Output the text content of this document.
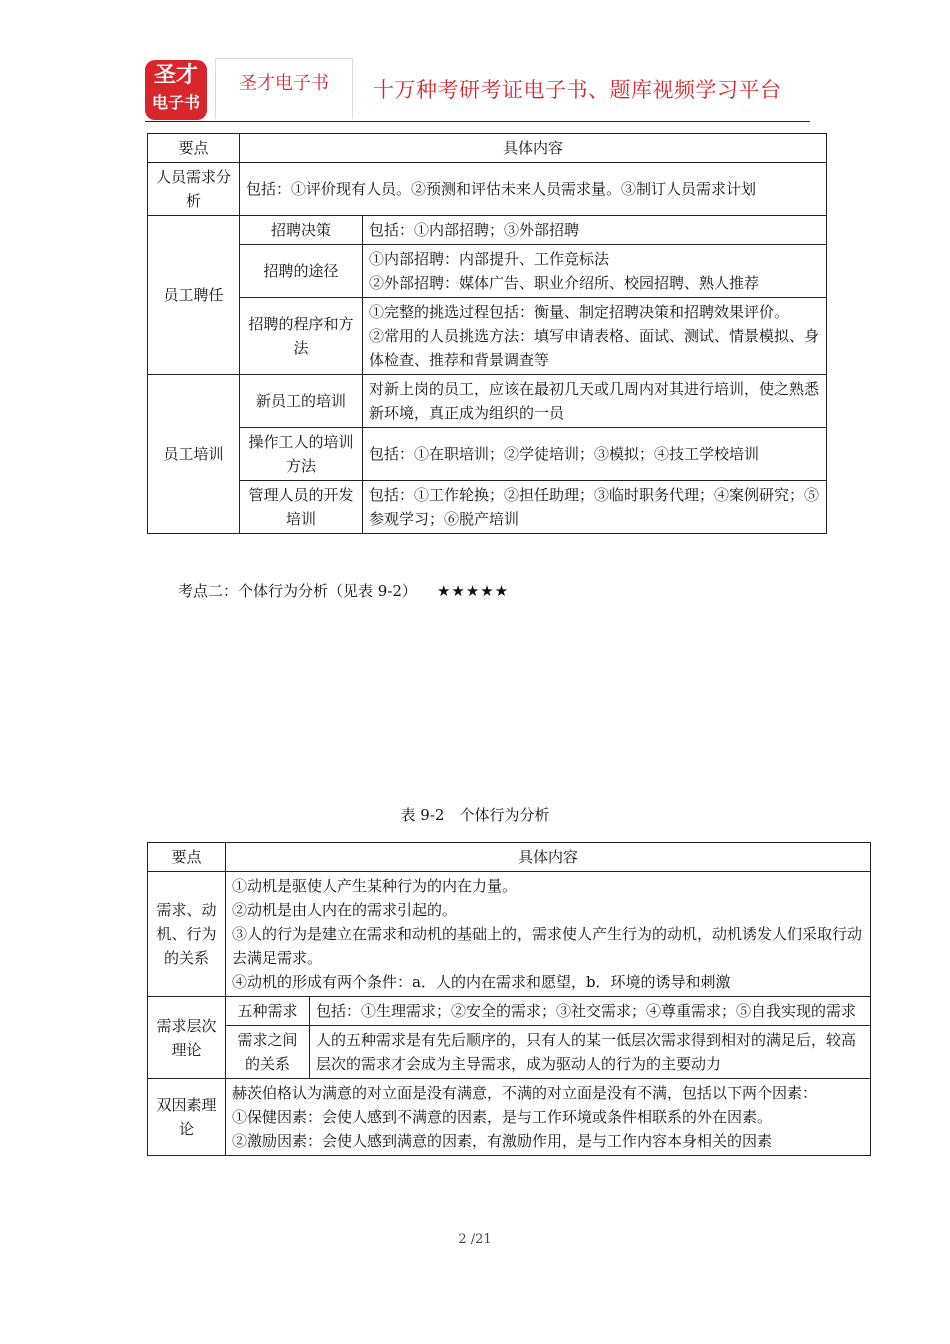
圣才
电子书
圣才电子书	十万种考研考证电子书、题库视频学习平台
要点	具体内容	
人员需求分析	包括：①评价现有人员。②预测和评估未来人员需求量。③制订人员需求计划	
员工聘任	招聘决策	包括：①内部招聘；③外部招聘
	招聘的途径	①内部招聘：内部提升、工作竞标法
②外部招聘：媒体广告、职业介绍所、校园招聘、熟人推荐

	招聘的程序和方法	①完整的挑选过程包括：衡量、制定招聘决策和招聘效果评价。
②常用的人员挑选方法：填写申请表格、面试、测试、情景模拟、身体检查、推荐和背景调查等

员工培训	新员工的培训	对新上岗的员工，应该在最初几天或几周内对其进行培训，使之熟悉新环境，真正成为组织的一员
	操作工人的培训方法	包括：①在职培训；②学徒培训；③模拟；④技工学校培训
	管理人员的开发培训	包括：①工作轮换；②担任助理；③临时职务代理；④案例研究；⑤参观学习；⑥脱产培训
考点二：个体行为分析（见表 9-2） ★★★★★
表 9-2　个体行为分析
要点	具体内容	
需求、动机、行为的关系	①动机是驱使人产生某种行为的内在力量。
②动机是由人内在的需求引起的。
③人的行为是建立在需求和动机的基础上的，需求使人产生行为的动机，动机诱发人们采取行动去满足需求。
④动机的形成有两个条件：a．人的内在需求和愿望，b．环境的诱导和刺激	

需求层次理论	五种需求	包括：①生理需求；②安全的需求；③社交需求；④尊重需求；⑤自我实现的需求
	需求之间的关系	人的五种需求是有先后顺序的，只有人的某一低层次需求得到相对的满足后，较高层次的需求才会成为主导需求，成为驱动人的行为的主要动力
双因素理论	赫茨伯格认为满意的对立面是没有满意，不满的对立面是没有不满，包括以下两个因素：
①保健因素：会使人感到不满意的因素，是与工作环境或条件相联系的外在因素。
②激励因素：会使人感到满意的因素，有激励作用，是与工作内容本身相关的因素	
2 /21
